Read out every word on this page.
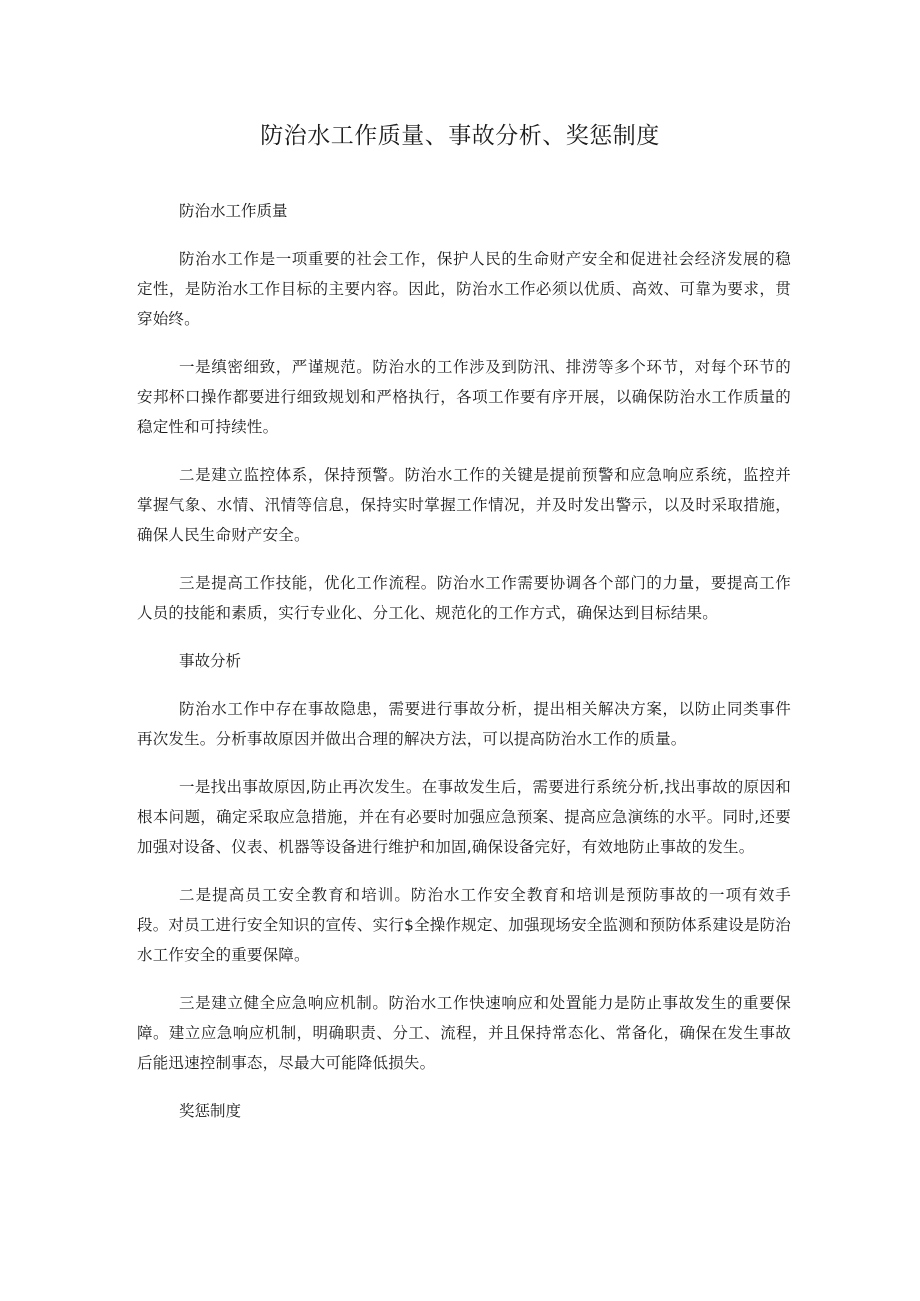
防治水工作质量、事故分析、奖惩制度

防治水工作质量

防治水工作是一项重要的社会工作，保护人民的生命财产安全和促进社会经济发展的稳定性，是防治水工作目标的主要内容。因此，防治水工作必须以优质、高效、可靠为要求，贯穿始终。

一是缜密细致，严谨规范。防治水的工作涉及到防汛、排涝等多个环节，对每个环节的安邦杯口操作都要进行细致规划和严格执行，各项工作要有序开展，以确保防治水工作质量的稳定性和可持续性。

二是建立监控体系，保持预警。防治水工作的关键是提前预警和应急响应系统，监控并掌握气象、水情、汛情等信息，保持实时掌握工作情况，并及时发出警示，以及时采取措施，确保人民生命财产安全。

三是提高工作技能，优化工作流程。防治水工作需要协调各个部门的力量，要提高工作人员的技能和素质，实行专业化、分工化、规范化的工作方式，确保达到目标结果。

事故分析

防治水工作中存在事故隐患，需要进行事故分析，提出相关解决方案，以防止同类事件再次发生。分析事故原因并做出合理的解决方法，可以提高防治水工作的质量。

一是找出事故原因,防止再次发生。在事故发生后，需要进行系统分析,找出事故的原因和根本问题，确定采取应急措施，并在有必要时加强应急预案、提高应急演练的水平。同时,还要加强对设备、仪表、机器等设备进行维护和加固,确保设备完好，有效地防止事故的发生。

二是提高员工安全教育和培训。防治水工作安全教育和培训是预防事故的一项有效手段。对员工进行安全知识的宣传、实行$全操作规定、加强现场安全监测和预防体系建设是防治水工作安全的重要保障。

三是建立健全应急响应机制。防治水工作快速响应和处置能力是防止事故发生的重要保障。建立应急响应机制，明确职责、分工、流程，并且保持常态化、常备化，确保在发生事故后能迅速控制事态，尽最大可能降低损失。

奖惩制度
